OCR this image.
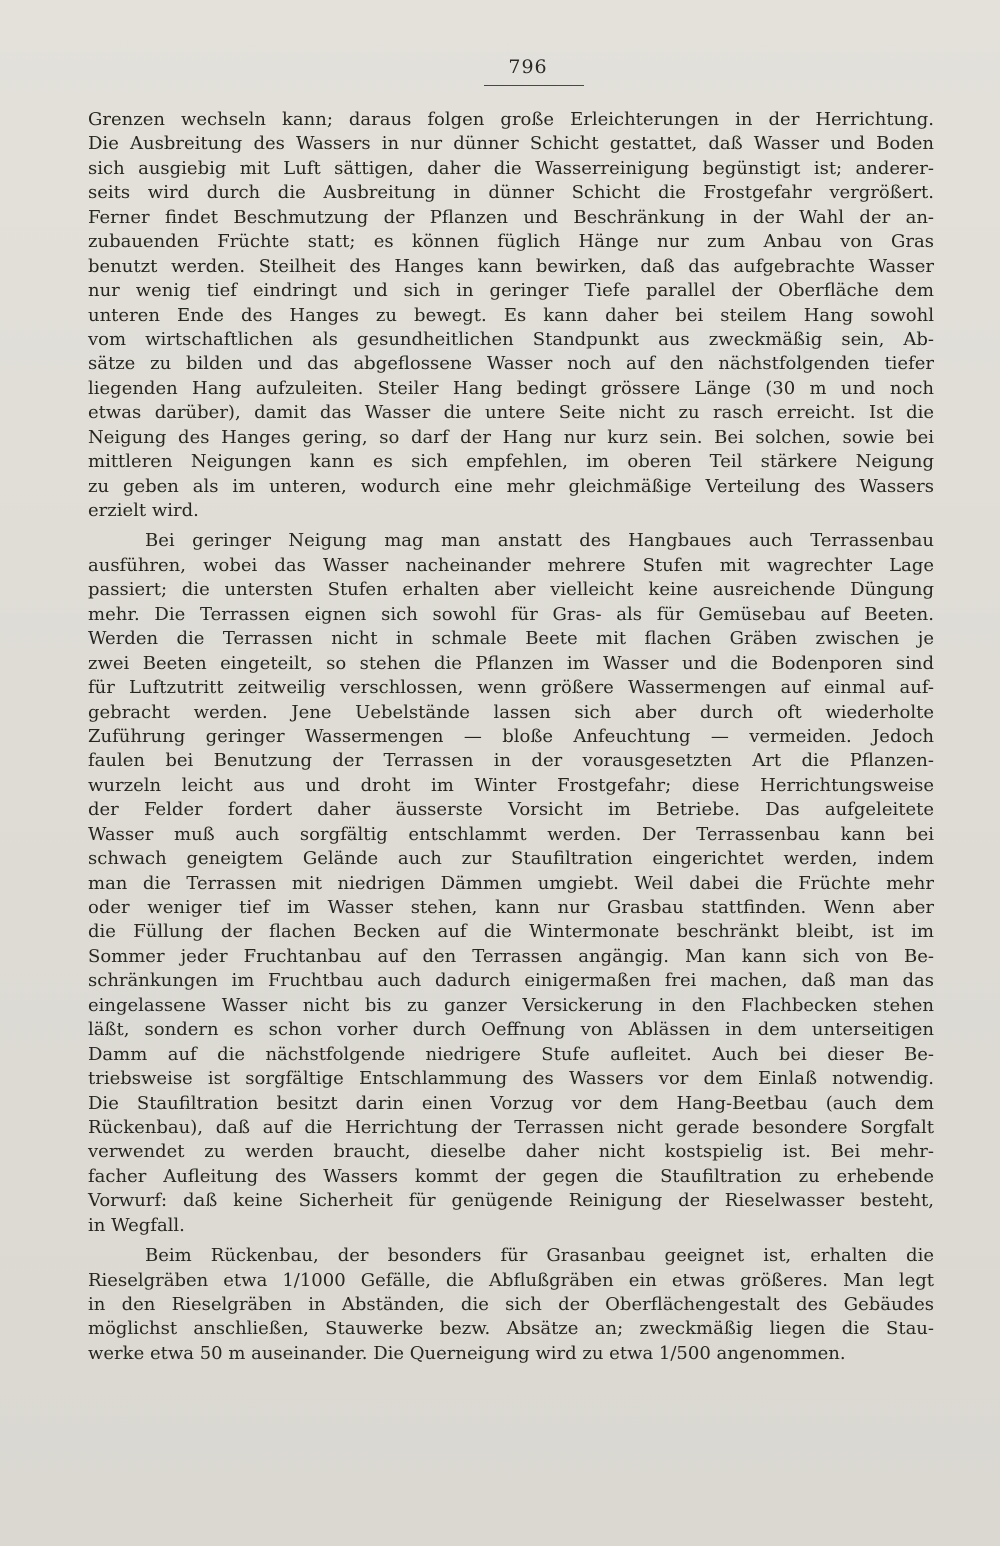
796
Grenzen wechseln kann; daraus folgen große Erleichterungen in der Herrichtung.
Die Ausbreitung des Wassers in nur dünner Schicht gestattet, daß Wasser und Boden
sich ausgiebig mit Luft sättigen, daher die Wasserreinigung begünstigt ist; anderer-
seits wird durch die Ausbreitung in dünner Schicht die Frostgefahr vergrößert.
Ferner findet Beschmutzung der Pflanzen und Beschränkung in der Wahl der an-
zubauenden Früchte statt; es können füglich Hänge nur zum Anbau von Gras
benutzt werden. Steilheit des Hanges kann bewirken, daß das aufgebrachte Wasser
nur wenig tief eindringt und sich in geringer Tiefe parallel der Oberfläche dem
unteren Ende des Hanges zu bewegt. Es kann daher bei steilem Hang sowohl
vom wirtschaftlichen als gesundheitlichen Standpunkt aus zweckmäßig sein, Ab-
sätze zu bilden und das abgeflossene Wasser noch auf den nächstfolgenden tiefer
liegenden Hang aufzuleiten. Steiler Hang bedingt grössere Länge (30 m und noch
etwas darüber), damit das Wasser die untere Seite nicht zu rasch erreicht. Ist die
Neigung des Hanges gering, so darf der Hang nur kurz sein. Bei solchen, sowie bei
mittleren Neigungen kann es sich empfehlen, im oberen Teil stärkere Neigung
zu geben als im unteren, wodurch eine mehr gleichmäßige Verteilung des Wassers
erzielt wird.
Bei geringer Neigung mag man anstatt des Hangbaues auch Terrassenbau
ausführen, wobei das Wasser nacheinander mehrere Stufen mit wagrechter Lage
passiert; die untersten Stufen erhalten aber vielleicht keine ausreichende Düngung
mehr. Die Terrassen eignen sich sowohl für Gras- als für Gemüsebau auf Beeten.
Werden die Terrassen nicht in schmale Beete mit flachen Gräben zwischen je
zwei Beeten eingeteilt, so stehen die Pflanzen im Wasser und die Bodenporen sind
für Luftzutritt zeitweilig verschlossen, wenn größere Wassermengen auf einmal auf-
gebracht werden. Jene Uebelstände lassen sich aber durch oft wiederholte
Zuführung geringer Wassermengen — bloße Anfeuchtung — vermeiden. Jedoch
faulen bei Benutzung der Terrassen in der vorausgesetzten Art die Pflanzen-
wurzeln leicht aus und droht im Winter Frostgefahr; diese Herrichtungsweise
der Felder fordert daher äusserste Vorsicht im Betriebe. Das aufgeleitete
Wasser muß auch sorgfältig entschlammt werden. Der Terrassenbau kann bei
schwach geneigtem Gelände auch zur Staufiltration eingerichtet werden, indem
man die Terrassen mit niedrigen Dämmen umgiebt. Weil dabei die Früchte mehr
oder weniger tief im Wasser stehen, kann nur Grasbau stattfinden. Wenn aber
die Füllung der flachen Becken auf die Wintermonate beschränkt bleibt, ist im
Sommer jeder Fruchtanbau auf den Terrassen angängig. Man kann sich von Be-
schränkungen im Fruchtbau auch dadurch einigermaßen frei machen, daß man das
eingelassene Wasser nicht bis zu ganzer Versickerung in den Flachbecken stehen
läßt, sondern es schon vorher durch Oeffnung von Ablässen in dem unterseitigen
Damm auf die nächstfolgende niedrigere Stufe aufleitet. Auch bei dieser Be-
triebsweise ist sorgfältige Entschlammung des Wassers vor dem Einlaß notwendig.
Die Staufiltration besitzt darin einen Vorzug vor dem Hang-Beetbau (auch dem
Rückenbau), daß auf die Herrichtung der Terrassen nicht gerade besondere Sorgfalt
verwendet zu werden braucht, dieselbe daher nicht kostspielig ist. Bei mehr-
facher Aufleitung des Wassers kommt der gegen die Staufiltration zu erhebende
Vorwurf: daß keine Sicherheit für genügende Reinigung der Rieselwasser besteht,
in Wegfall.
Beim Rückenbau, der besonders für Grasanbau geeignet ist, erhalten die
Rieselgräben etwa 1/1000 Gefälle, die Abflußgräben ein etwas größeres. Man legt
in den Rieselgräben in Abständen, die sich der Oberflächengestalt des Gebäudes
möglichst anschließen, Stauwerke bezw. Absätze an; zweckmäßig liegen die Stau-
werke etwa 50 m auseinander. Die Querneigung wird zu etwa 1/500 angenommen.
